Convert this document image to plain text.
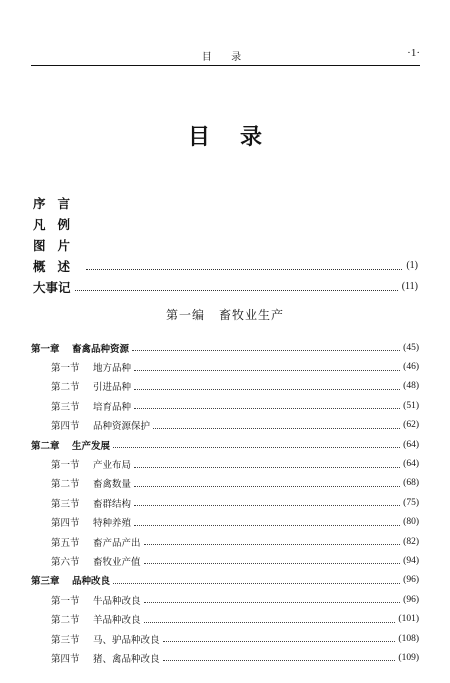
目 录	·1·
目录
序言
凡例
图片
概述	(1)
大事记	(11)
第一编 畜牧业生产
第一章	畜禽品种资源	(45)
第一节	地方品种	(46)
第二节	引进品种	(48)
第三节	培育品种	(51)
第四节	品种资源保护	(62)
第二章	生产发展	(64)
第一节	产业布局	(64)
第二节	畜禽数量	(68)
第三节	畜群结构	(75)
第四节	特种养殖	(80)
第五节	畜产品产出	(82)
第六节	畜牧业产值	(94)
第三章	品种改良	(96)
第一节	牛品种改良	(96)
第二节	羊品种改良	(101)
第三节	马、驴品种改良	(108)
第四节	猪、禽品种改良	(109)
